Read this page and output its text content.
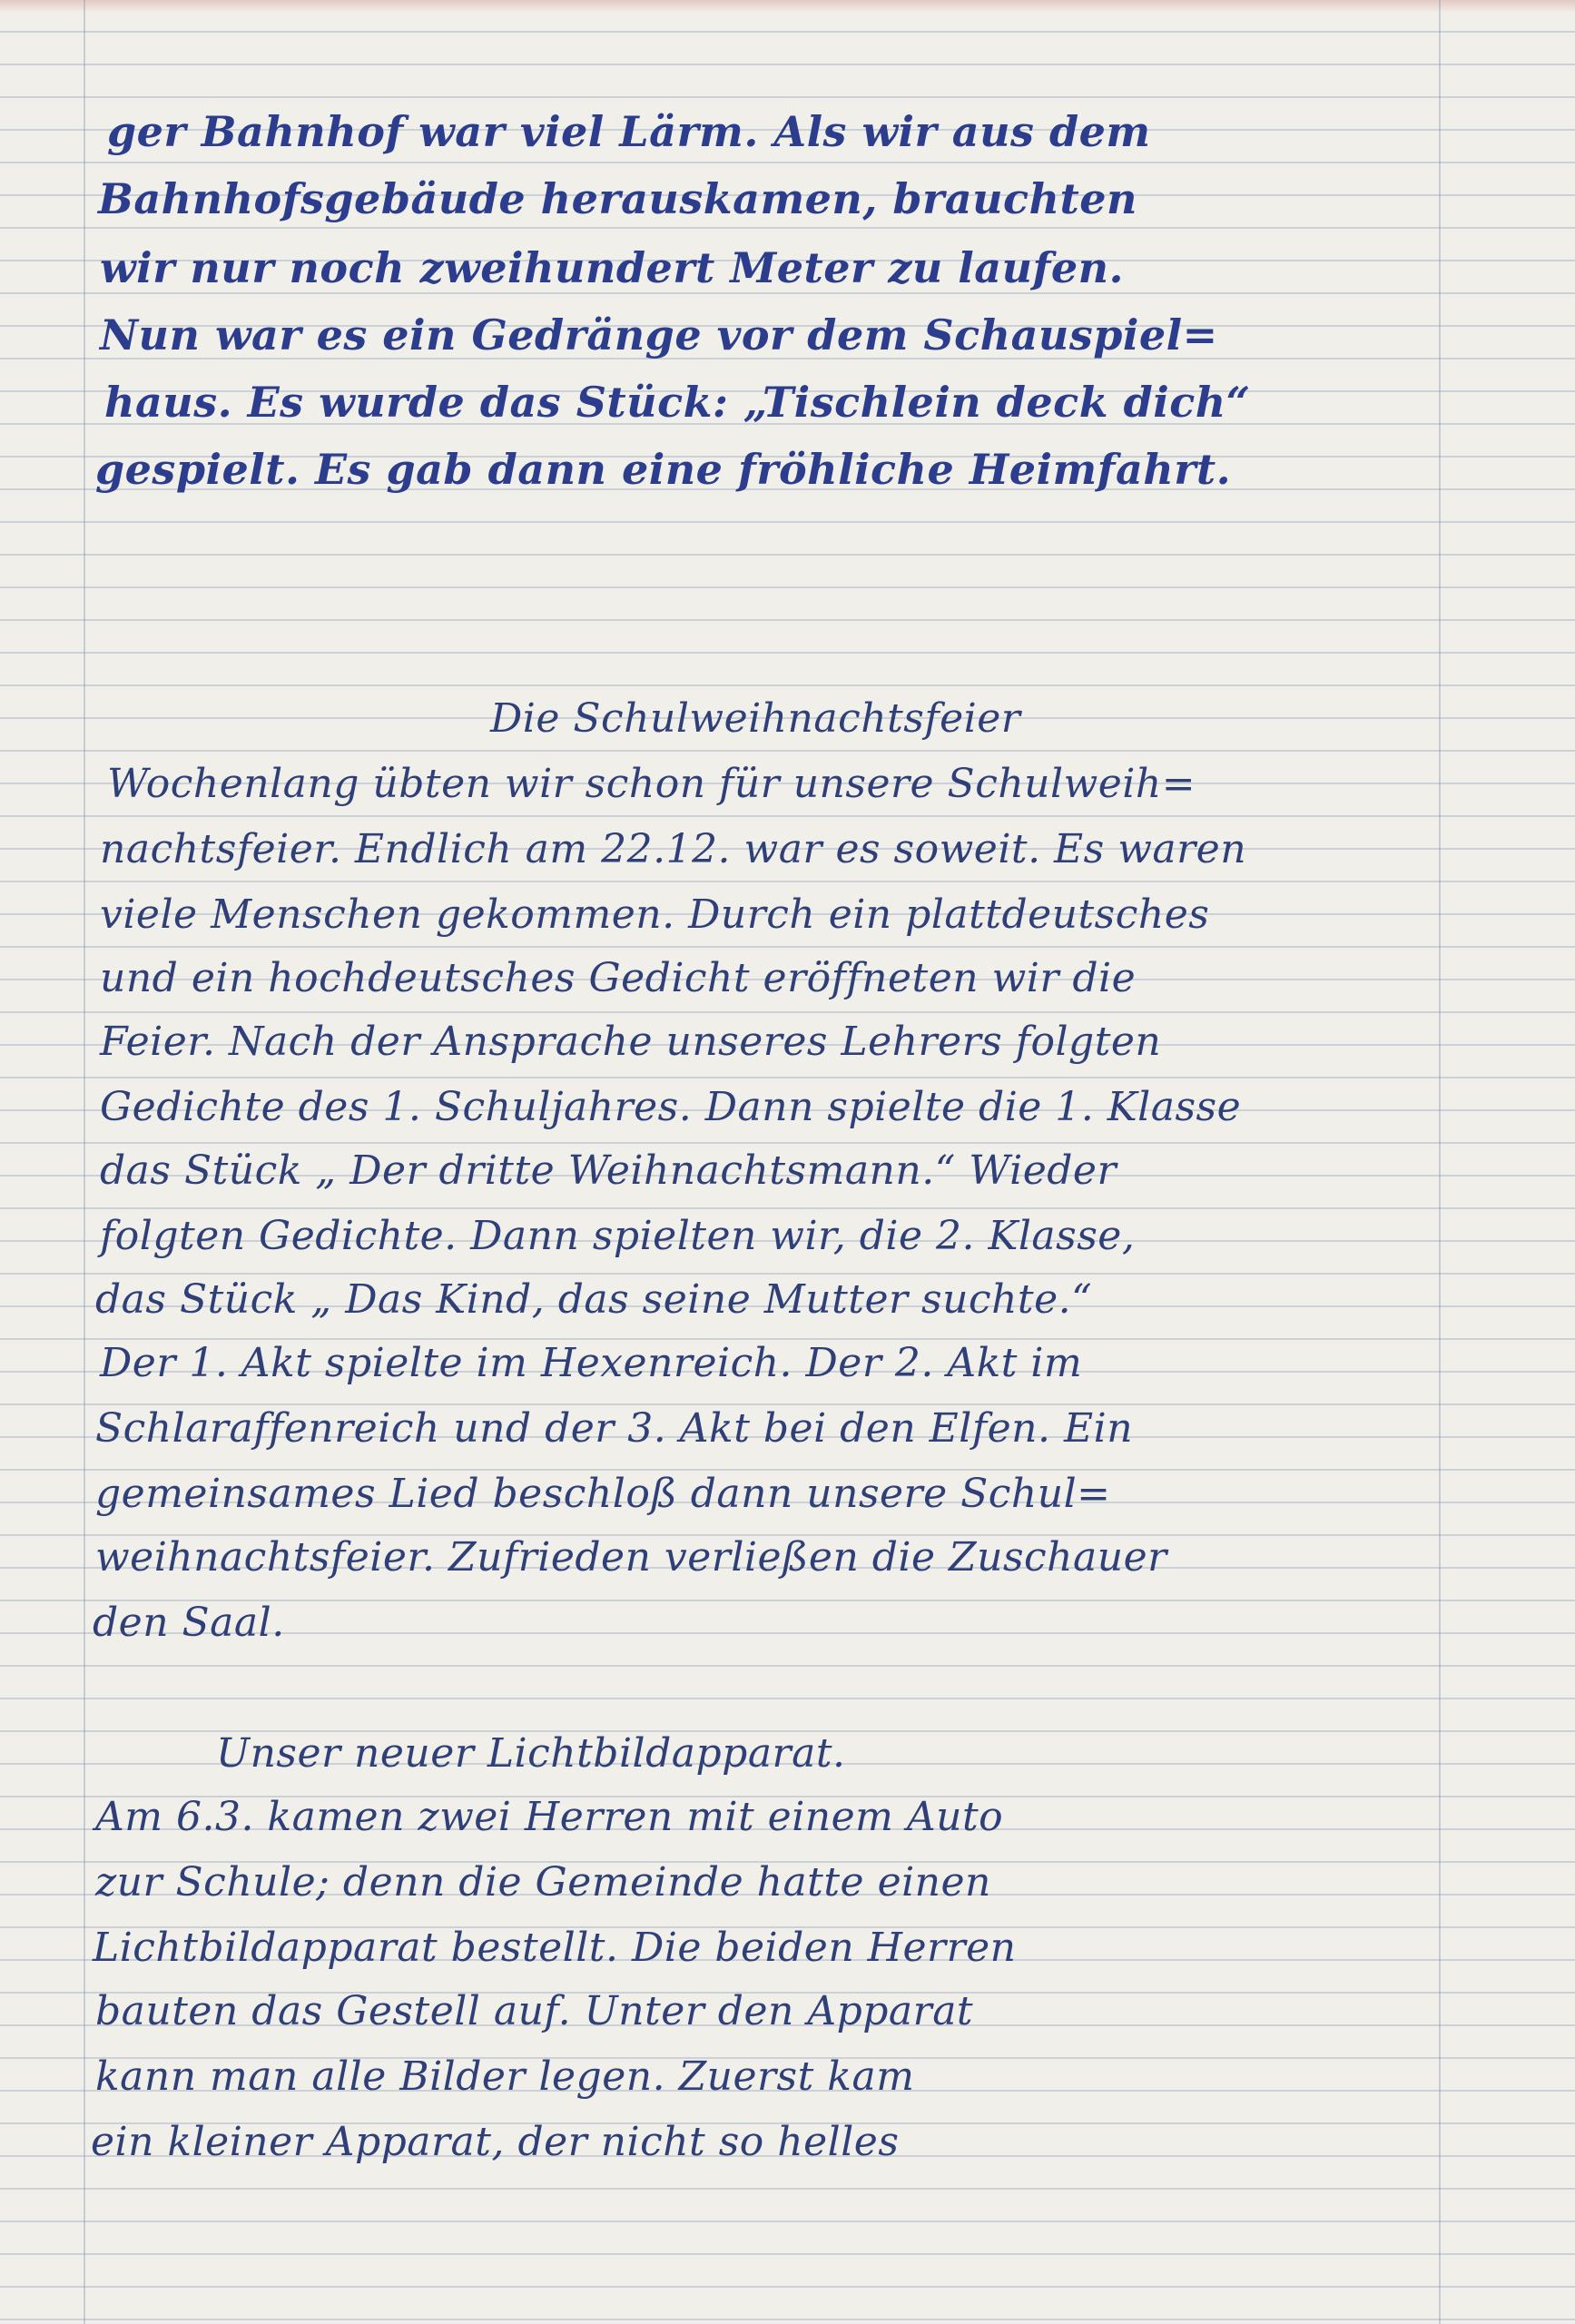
ger Bahnhof war viel Lärm. Als wir aus dem
Bahnhofsgebäude herauskamen, brauchten
wir nur noch zweihundert Meter zu laufen.
Nun war es ein Gedränge vor dem Schauspiel=
haus. Es wurde das Stück: „Tischlein deck dich“
gespielt. Es gab dann eine fröhliche Heimfahrt.
Die Schulweihnachtsfeier
Wochenlang übten wir schon für unsere Schulweih=
nachtsfeier. Endlich am 22.12. war es soweit. Es waren
viele Menschen gekommen. Durch ein plattdeutsches
und ein hochdeutsches Gedicht eröffneten wir die
Feier. Nach der Ansprache unseres Lehrers folgten
Gedichte des 1. Schuljahres. Dann spielte die 1. Klasse
das Stück „ Der dritte Weihnachtsmann.“ Wieder
folgten Gedichte. Dann spielten wir, die 2. Klasse,
das Stück „ Das Kind, das seine Mutter suchte.“
Der 1. Akt spielte im Hexenreich. Der 2. Akt im
Schlaraffenreich und der 3. Akt bei den Elfen. Ein
gemeinsames Lied beschloß dann unsere Schul=
weihnachtsfeier. Zufrieden verließen die Zuschauer
den Saal.
Unser neuer Lichtbildapparat.
Am 6.3. kamen zwei Herren mit einem Auto
zur Schule; denn die Gemeinde hatte einen
Lichtbildapparat bestellt. Die beiden Herren
bauten das Gestell auf. Unter den Apparat
kann man alle Bilder legen. Zuerst kam
ein kleiner Apparat, der nicht so helles
